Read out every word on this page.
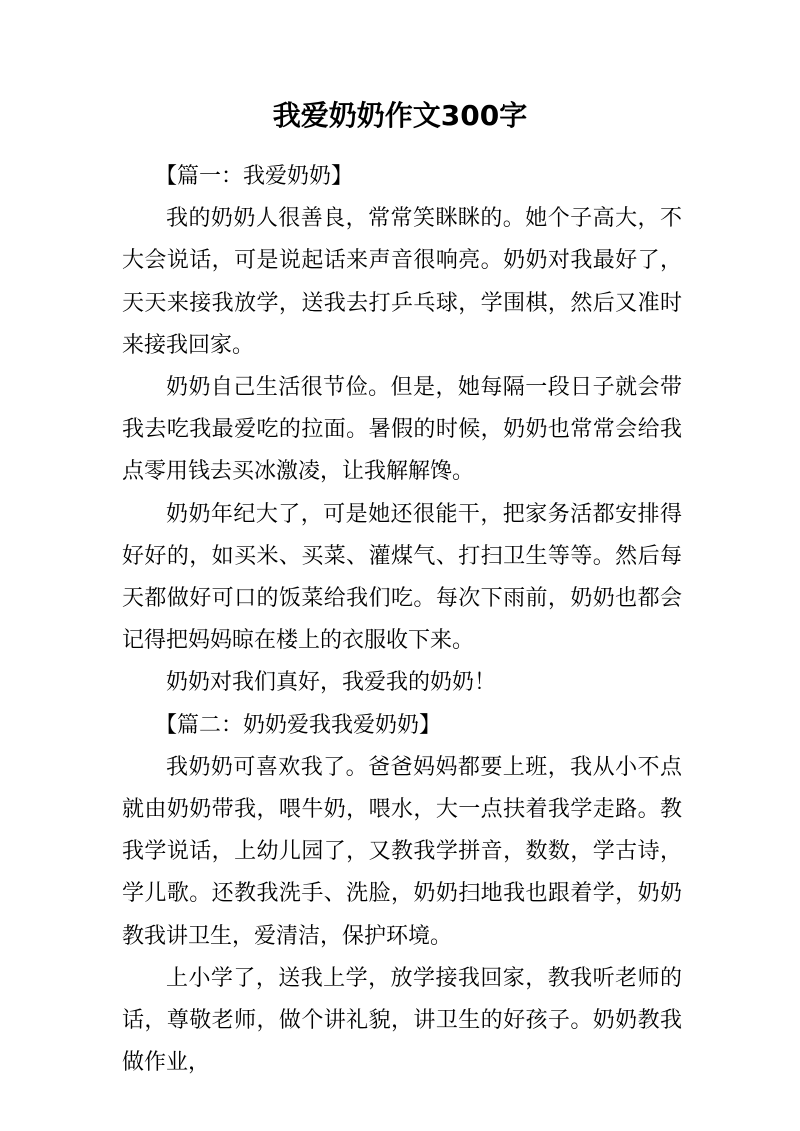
我爱奶奶作文300字

【篇一：我爱奶奶】

我的奶奶人很善良，常常笑眯眯的。她个子高大，不大会说话，可是说起话来声音很响亮。奶奶对我最好了，天天来接我放学，送我去打乒乓球，学围棋，然后又准时来接我回家。

奶奶自己生活很节俭。但是，她每隔一段日子就会带我去吃我最爱吃的拉面。暑假的时候，奶奶也常常会给我点零用钱去买冰激凌，让我解解馋。

奶奶年纪大了，可是她还很能干，把家务活都安排得好好的，如买米、买菜、灌煤气、打扫卫生等等。然后每天都做好可口的饭菜给我们吃。每次下雨前，奶奶也都会记得把妈妈晾在楼上的衣服收下来。

奶奶对我们真好，我爱我的奶奶！

【篇二：奶奶爱我我爱奶奶】

我奶奶可喜欢我了。爸爸妈妈都要上班，我从小不点就由奶奶带我，喂牛奶，喂水，大一点扶着我学走路。教我学说话，上幼儿园了，又教我学拼音，数数，学古诗，学儿歌。还教我洗手、洗脸，奶奶扫地我也跟着学，奶奶教我讲卫生，爱清洁，保护环境。

上小学了，送我上学，放学接我回家，教我听老师的话，尊敬老师，做个讲礼貌，讲卫生的好孩子。奶奶教我做作业，
